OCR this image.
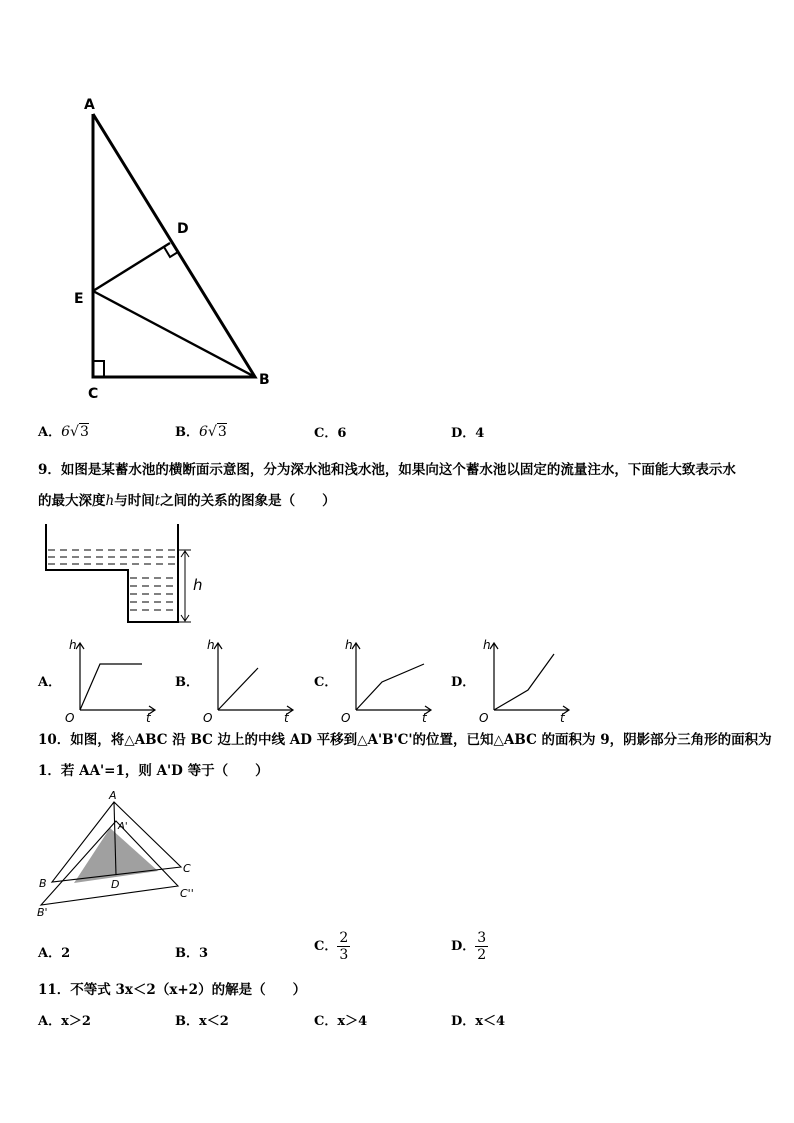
A
D
E
C
B
A．6√3	B．6√3	C．6	D．4
9．如图是某蓄水池的横断面示意图，分为深水池和浅水池，如果向这个蓄水池以固定的流量注水，下面能大致表示水
的最大深度h与时间t之间的关系的图象是（　　）
h
A．
h
t
O
B．
h
t
O
C．
h
t
O
D．
h
t
O
10．如图，将△ABC 沿 BC 边上的中线 AD 平移到△A'B'C'的位置，已知△ABC 的面积为 9，阴影部分三角形的面积为
1．若 AA'=1，则 A'D 等于（　　）
A
A'
B
B'
C
C''
D
A．2	B．3	C． $\frac{2}{3}$	D． $\frac{3}{2}$
11．不等式 3x＜2（x+2）的解是（　　）
A．x＞2	B．x＜2	C．x＞4	D．x＜4
